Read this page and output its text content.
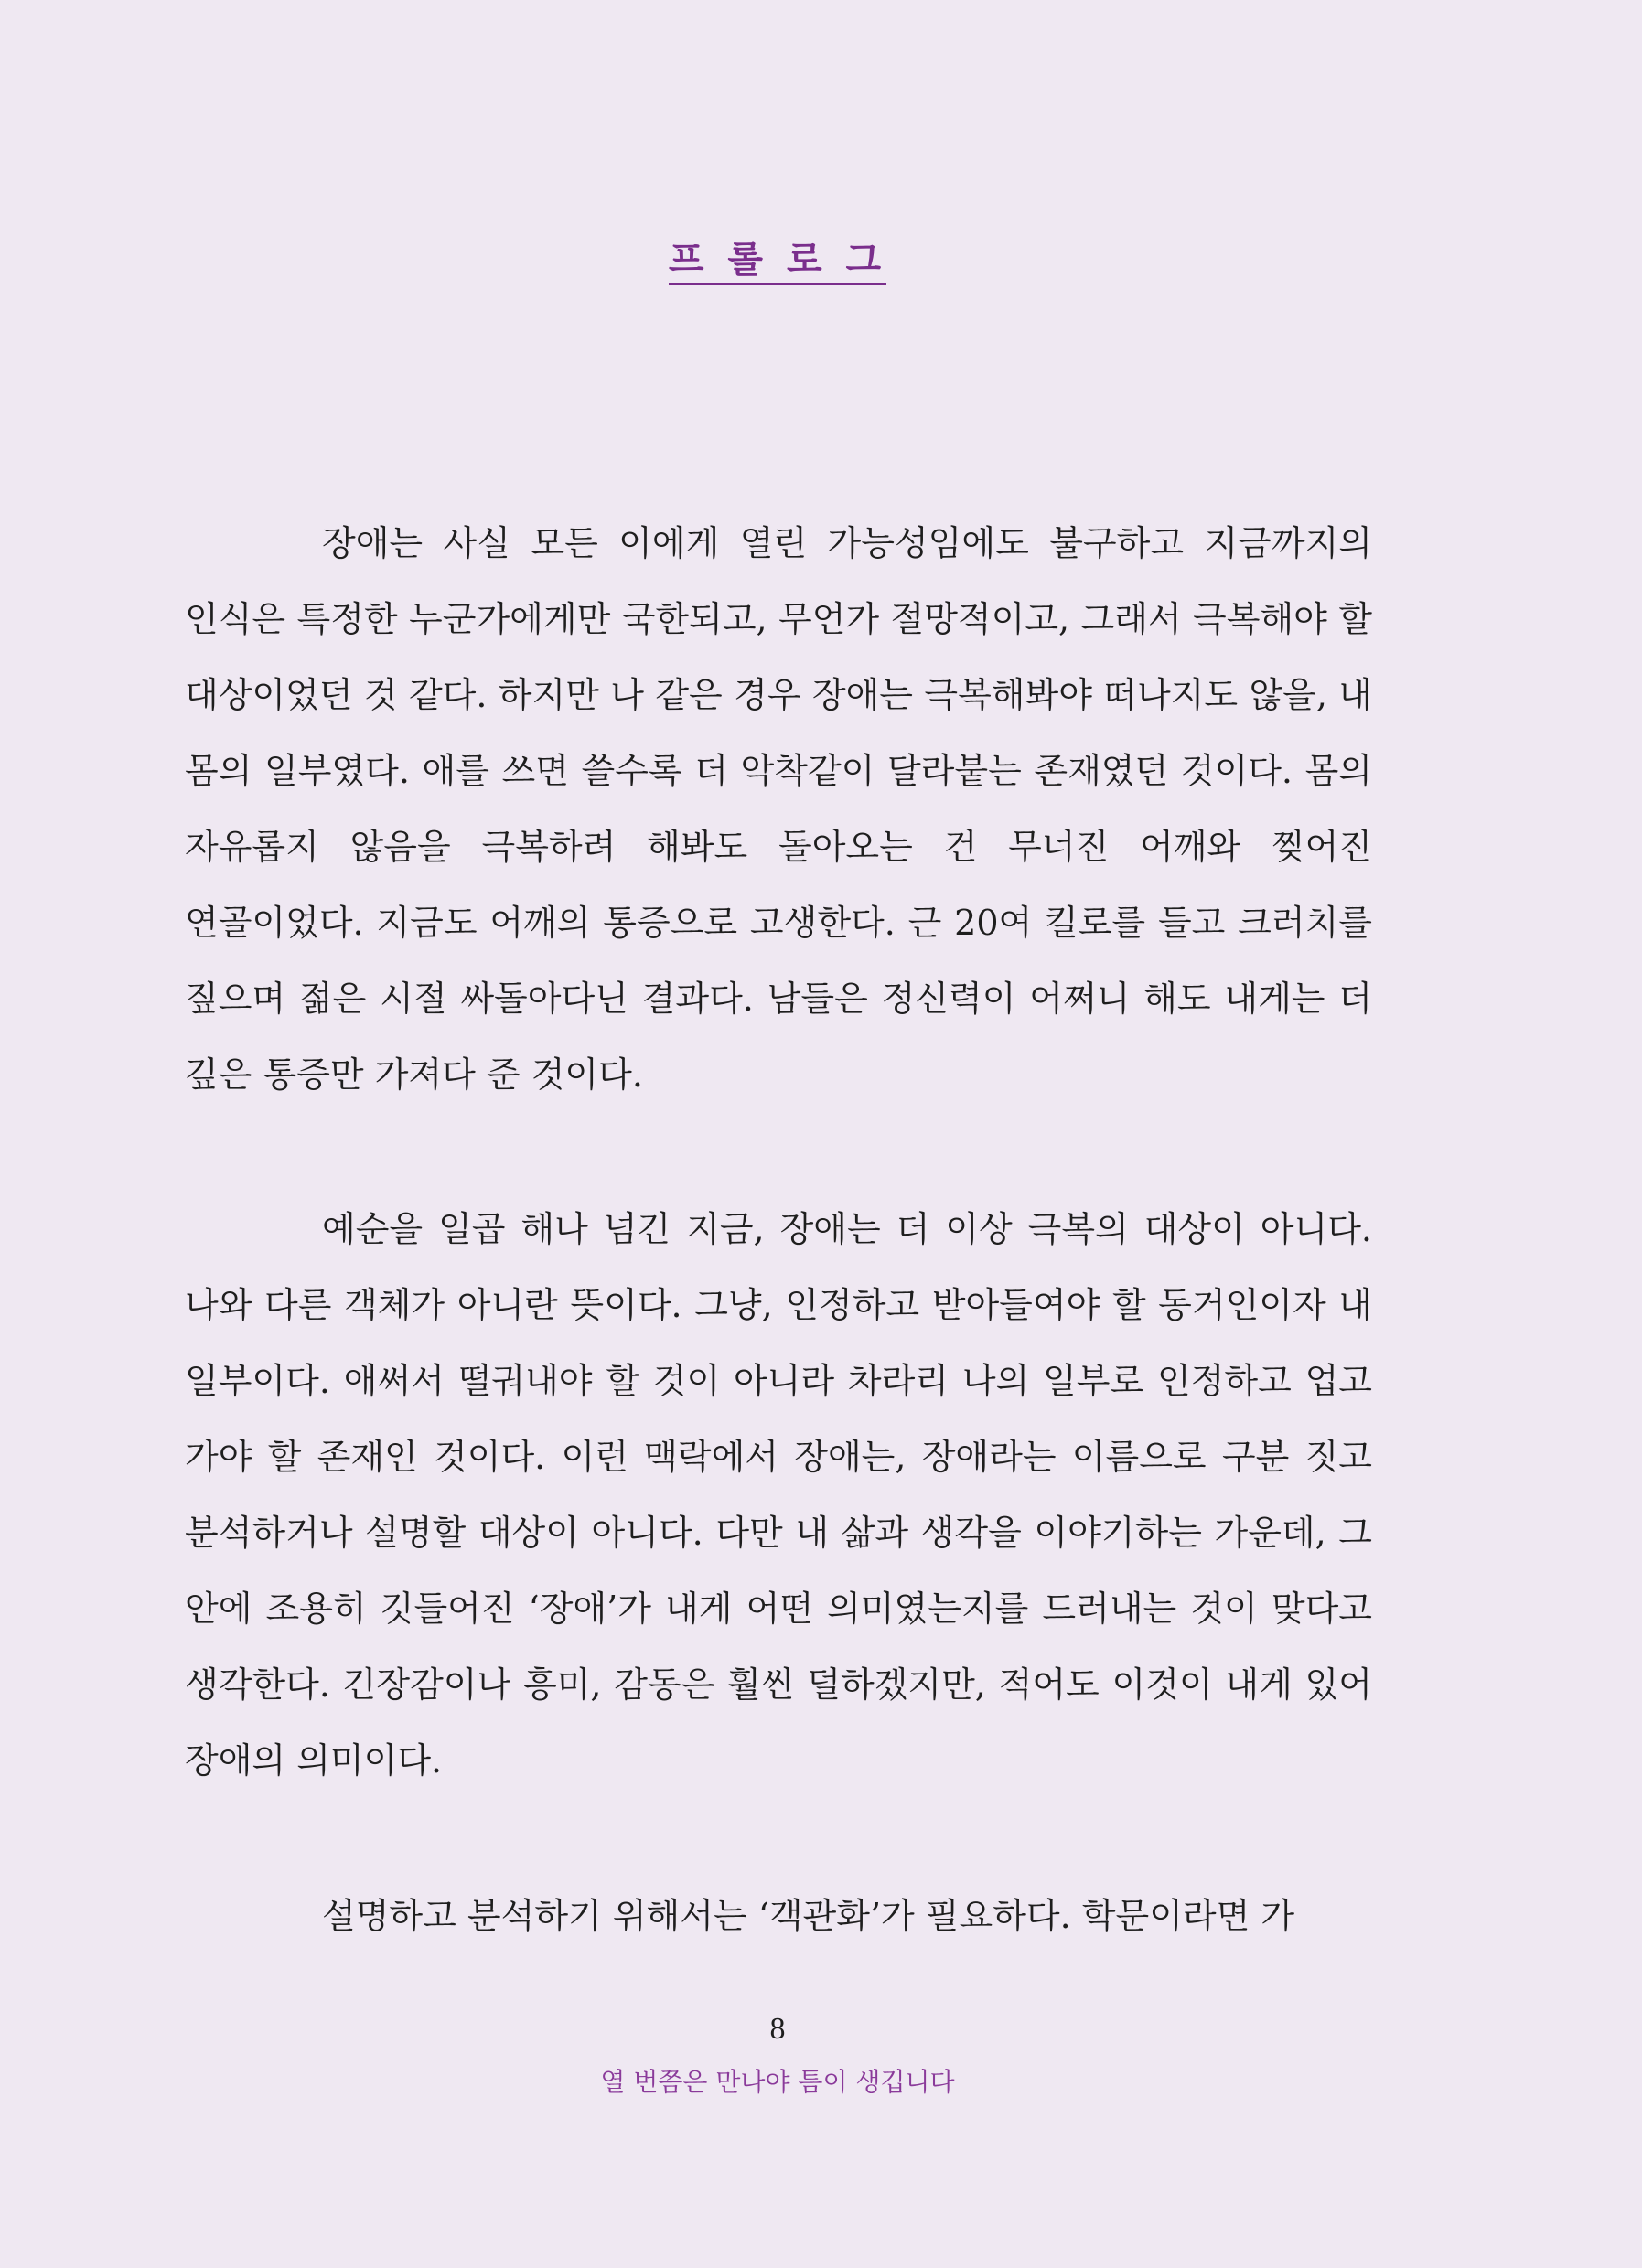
프 롤 로 그

장애는 사실 모든 이에게 열린 가능성임에도 불구하고 지금까지의 인식은 특정한 누군가에게만 국한되고, 무언가 절망적이고, 그래서 극복해야 할 대상이었던 것 같다. 하지만 나 같은 경우 장애는 극복해봐야 떠나지도 않을, 내 몸의 일부였다. 애를 쓰면 쓸수록 더 악착같이 달라붙는 존재였던 것이다. 몸의 자유롭지 않음을 극복하려 해봐도 돌아오는 건 무너진 어깨와 찢어진 연골이었다. 지금도 어깨의 통증으로 고생한다. 근 20여 킬로를 들고 크러치를 짚으며 젊은 시절 싸돌아다닌 결과다. 남들은 정신력이 어쩌니 해도 내게는 더 깊은 통증만 가져다 준 것이다.

예순을 일곱 해나 넘긴 지금, 장애는 더 이상 극복의 대상이 아니다. 나와 다른 객체가 아니란 뜻이다. 그냥, 인정하고 받아들여야 할 동거인이자 내 일부이다. 애써서 떨궈내야 할 것이 아니라 차라리 나의 일부로 인정하고 업고 가야 할 존재인 것이다. 이런 맥락에서 장애는, 장애라는 이름으로 구분 짓고 분석하거나 설명할 대상이 아니다. 다만 내 삶과 생각을 이야기하는 가운데, 그 안에 조용히 깃들어진 ‘장애’가 내게 어떤 의미였는지를 드러내는 것이 맞다고 생각한다. 긴장감이나 흥미, 감동은 훨씬 덜하겠지만, 적어도 이것이 내게 있어 장애의 의미이다.

설명하고 분석하기 위해서는 ‘객관화’가 필요하다. 학문이라면 가

8
열 번쯤은 만나야 틈이 생깁니다
